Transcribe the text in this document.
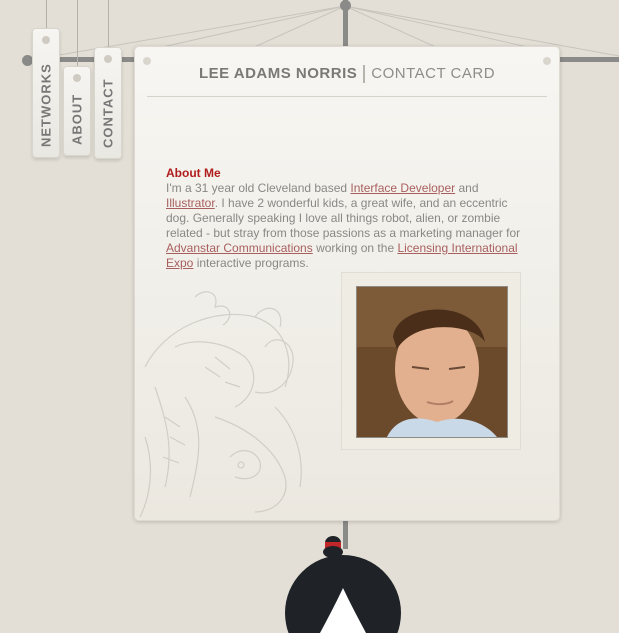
NETWORKS ABOUT CONTACT
LEE ADAMS NORRIS CONTACT CARD
About Me
I'm a 31 year old Cleveland based Interface Developer and Illustrator. I have 2 wonderful kids, a great wife, and an eccentric dog. Generally speaking I love all things robot, alien, or zombie related - but stray from those passions as a marketing manager for Advanstar Communications working on the Licensing International Expo interactive programs.
